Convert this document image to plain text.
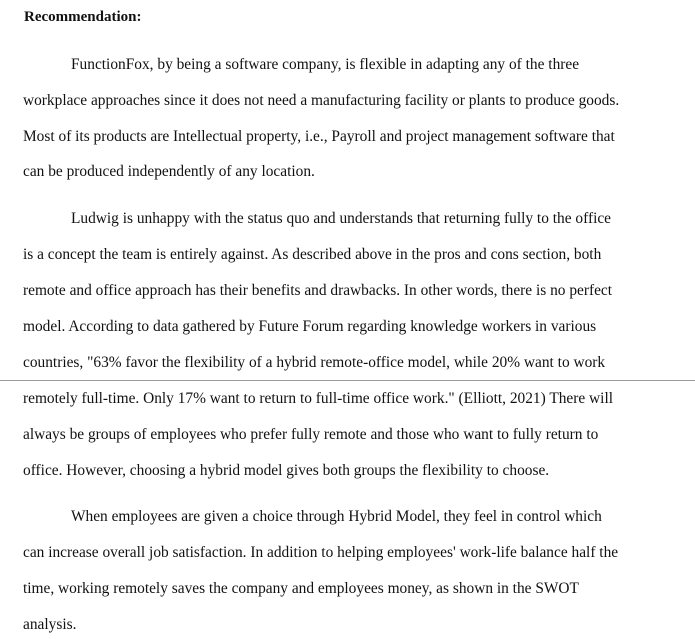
Recommendation:
FunctionFox, by being a software company, is flexible in adapting any of the three
workplace approaches since it does not need a manufacturing facility or plants to produce goods.
Most of its products are Intellectual property, i.e., Payroll and project management software that
can be produced independently of any location.
Ludwig is unhappy with the status quo and understands that returning fully to the office
is a concept the team is entirely against. As described above in the pros and cons section, both
remote and office approach has their benefits and drawbacks. In other words, there is no perfect
model. According to data gathered by Future Forum regarding knowledge workers in various
countries, "63% favor the flexibility of a hybrid remote-office model, while 20% want to work
remotely full-time. Only 17% want to return to full-time office work." (Elliott, 2021) There will
always be groups of employees who prefer fully remote and those who want to fully return to
office. However, choosing a hybrid model gives both groups the flexibility to choose.
When employees are given a choice through Hybrid Model, they feel in control which
can increase overall job satisfaction. In addition to helping employees' work-life balance half the
time, working remotely saves the company and employees money, as shown in the SWOT
analysis.
